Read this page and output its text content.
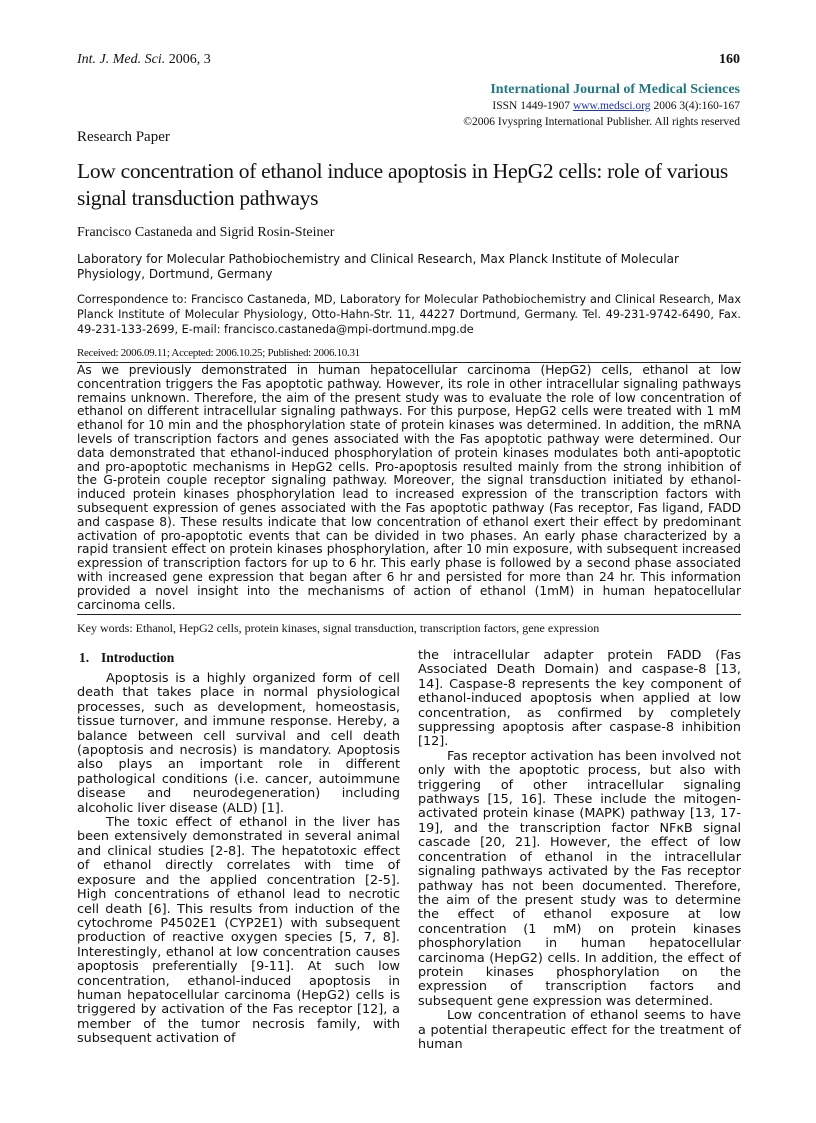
Int. J. Med. Sci. 2006, 3	160
International Journal of Medical Sciences
ISSN 1449-1907 www.medsci.org 2006 3(4):160-167
©2006 Ivyspring International Publisher. All rights reserved
Research Paper
Low concentration of ethanol induce apoptosis in HepG2 cells: role of various signal transduction pathways
Francisco Castaneda and Sigrid Rosin-Steiner
Laboratory for Molecular Pathobiochemistry and Clinical Research, Max Planck Institute of Molecular Physiology, Dortmund, Germany
Correspondence to: Francisco Castaneda, MD, Laboratory for Molecular Pathobiochemistry and Clinical Research, Max Planck Institute of Molecular Physiology, Otto-Hahn-Str. 11, 44227 Dortmund, Germany. Tel. 49-231-9742-6490, Fax. 49-231-133-2699, E-mail: francisco.castaneda@mpi-dortmund.mpg.de
Received: 2006.09.11; Accepted: 2006.10.25; Published: 2006.10.31
As we previously demonstrated in human hepatocellular carcinoma (HepG2) cells, ethanol at low concentration triggers the Fas apoptotic pathway. However, its role in other intracellular signaling pathways remains unknown. Therefore, the aim of the present study was to evaluate the role of low concentration of ethanol on different intracellular signaling pathways. For this purpose, HepG2 cells were treated with 1 mM ethanol for 10 min and the phosphorylation state of protein kinases was determined. In addition, the mRNA levels of transcription factors and genes associated with the Fas apoptotic pathway were determined. Our data demonstrated that ethanol-induced phosphorylation of protein kinases modulates both anti-apoptotic and pro-apoptotic mechanisms in HepG2 cells. Pro-apoptosis resulted mainly from the strong inhibition of the G-protein couple receptor signaling pathway. Moreover, the signal transduction initiated by ethanol-induced protein kinases phosphorylation lead to increased expression of the transcription factors with subsequent expression of genes associated with the Fas apoptotic pathway (Fas receptor, Fas ligand, FADD and caspase 8). These results indicate that low concentration of ethanol exert their effect by predominant activation of pro-apoptotic events that can be divided in two phases. An early phase characterized by a rapid transient effect on protein kinases phosphorylation, after 10 min exposure, with subsequent increased expression of transcription factors for up to 6 hr. This early phase is followed by a second phase associated with increased gene expression that began after 6 hr and persisted for more than 24 hr. This information provided a novel insight into the mechanisms of action of ethanol (1mM) in human hepatocellular carcinoma cells.
Key words: Ethanol, HepG2 cells, protein kinases, signal transduction, transcription factors, gene expression
1. Introduction

Apoptosis is a highly organized form of cell death that takes place in normal physiological processes, such as development, homeostasis, tissue turnover, and immune response. Hereby, a balance between cell survival and cell death (apoptosis and necrosis) is mandatory. Apoptosis also plays an important role in different pathological conditions (i.e. cancer, autoimmune disease and neurodegeneration) including alcoholic liver disease (ALD) [1].

The toxic effect of ethanol in the liver has been extensively demonstrated in several animal and clinical studies [2-8]. The hepatotoxic effect of ethanol directly correlates with time of exposure and the applied concentration [2-5]. High concentrations of ethanol lead to necrotic cell death [6]. This results from induction of the cytochrome P4502E1 (CYP2E1) with subsequent production of reactive oxygen species [5, 7, 8]. Interestingly, ethanol at low concentration causes apoptosis preferentially [9-11]. At such low concentration, ethanol-induced apoptosis in human hepatocellular carcinoma (HepG2) cells is triggered by activation of the Fas receptor [12], a member of the tumor necrosis family, with subsequent activation of

the intracellular adapter protein FADD (Fas Associated Death Domain) and caspase-8 [13, 14]. Caspase-8 represents the key component of ethanol-induced apoptosis when applied at low concentration, as confirmed by completely suppressing apoptosis after caspase-8 inhibition [12].

Fas receptor activation has been involved not only with the apoptotic process, but also with triggering of other intracellular signaling pathways [15, 16]. These include the mitogen-activated protein kinase (MAPK) pathway [13, 17-19], and the transcription factor NFκB signal cascade [20, 21]. However, the effect of low concentration of ethanol in the intracellular signaling pathways activated by the Fas receptor pathway has not been documented. Therefore, the aim of the present study was to determine the effect of ethanol exposure at low concentration (1 mM) on protein kinases phosphorylation in human hepatocellular carcinoma (HepG2) cells. In addition, the effect of protein kinases phosphorylation on the expression of transcription factors and subsequent gene expression was determined.

Low concentration of ethanol seems to have a potential therapeutic effect for the treatment of human
